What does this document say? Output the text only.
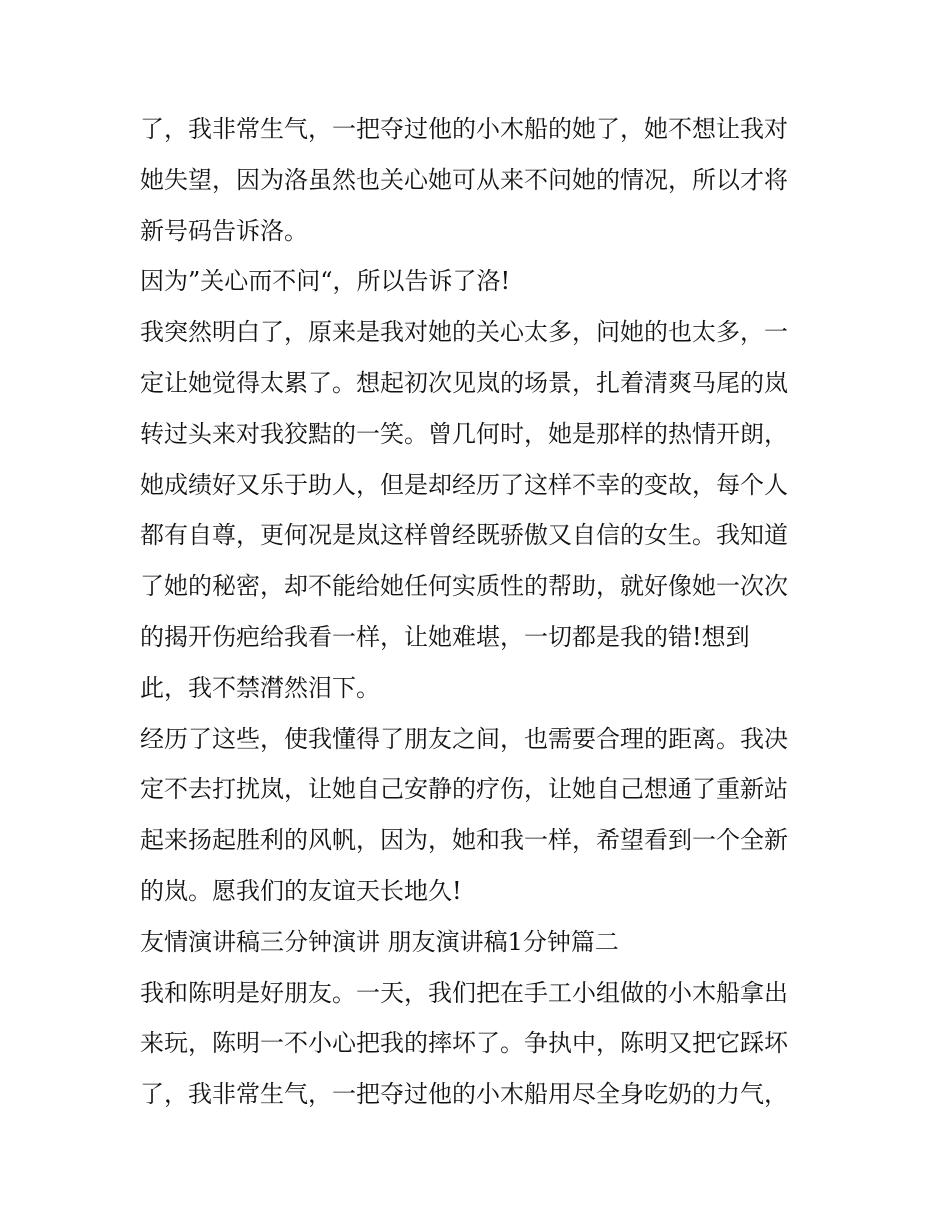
了，我非常生气，一把夺过他的小木船的她了，她不想让我对
她失望，因为洛虽然也关心她可从来不问她的情况，所以才将
新号码告诉洛。
因为”关心而不问“，所以告诉了洛!
我突然明白了，原来是我对她的关心太多，问她的也太多，一
定让她觉得太累了。想起初次见岚的场景，扎着清爽马尾的岚
转过头来对我狡黠的一笑。曾几何时，她是那样的热情开朗，
她成绩好又乐于助人，但是却经历了这样不幸的变故，每个人
都有自尊，更何况是岚这样曾经既骄傲又自信的女生。我知道
了她的秘密，却不能给她任何实质性的帮助，就好像她一次次
的揭开伤疤给我看一样，让她难堪，一切都是我的错!想到
此，我不禁潸然泪下。
经历了这些，使我懂得了朋友之间，也需要合理的距离。我决
定不去打扰岚，让她自己安静的疗伤，让她自己想通了重新站
起来扬起胜利的风帆，因为，她和我一样，希望看到一个全新
的岚。愿我们的友谊天长地久!
友情演讲稿三分钟演讲 朋友演讲稿1分钟篇二
我和陈明是好朋友。一天，我们把在手工小组做的小木船拿出
来玩，陈明一不小心把我的摔坏了。争执中，陈明又把它踩坏
了，我非常生气，一把夺过他的小木船用尽全身吃奶的力气，
